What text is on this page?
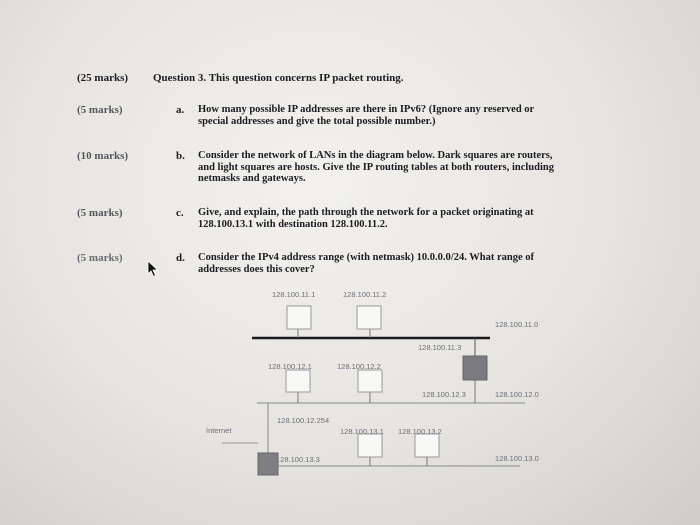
(25 marks) Question 3. This question concerns IP packet routing.
(5 marks)	a. How many possible IP addresses are there in IPv6? (Ignore any reserved or
special addresses and give the total possible number.)
(10 marks)	b. Consider the network of LANs in the diagram below. Dark squares are routers,
and light squares are hosts. Give the IP routing tables at both routers, including
netmasks and gateways.
(5 marks)	c. Give, and explain, the path through the network for a packet originating at
128.100.13.1 with destination 128.100.11.2.
(5 marks)	d. Consider the IPv4 address range (with netmask) 10.0.0.0/24. What range of
addresses does this cover?
128.100.11.1	128.100.11.2
128.100.11.0
128.100.11.3
128.100.12.1	128.100.12.2
128.100.12.3	128.100.12.0
128.100.12.254
Internet	128.100.13.1 128.100.13.2
128.100.13.3	128.100.13.0
